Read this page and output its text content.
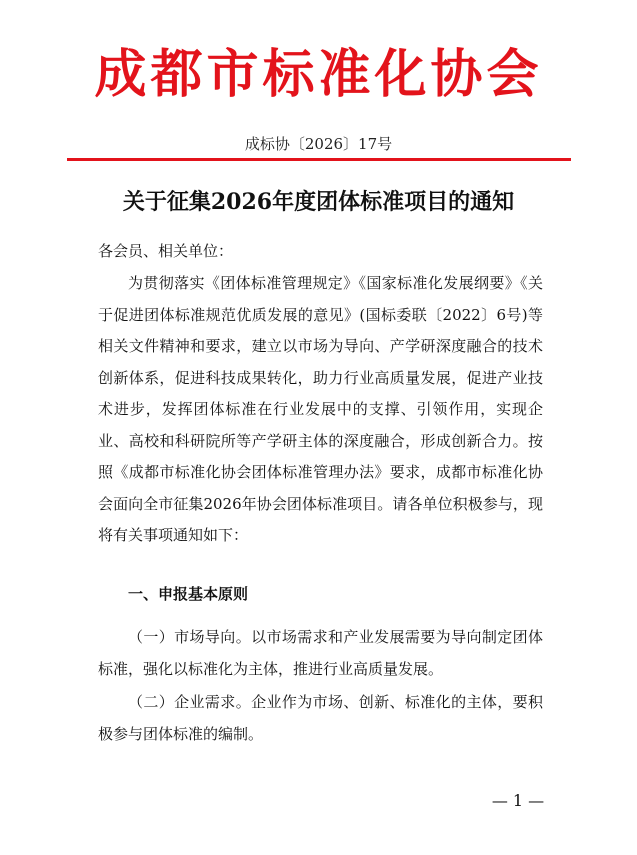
成都市标准化协会
成标协〔2026〕17号
关于征集2026年度团体标准项目的通知
各会员、相关单位：

为贯彻落实《团体标准管理规定》《国家标准化发展纲要》《关于促进团体标准规范优质发展的意见》(国标委联〔2022〕6号)等相关文件精神和要求，建立以市场为导向、产学研深度融合的技术创新体系，促进科技成果转化，助力行业高质量发展，促进产业技术进步，发挥团体标准在行业发展中的支撑、引领作用，实现企业、高校和科研院所等产学研主体的深度融合，形成创新合力。按照《成都市标准化协会团体标准管理办法》要求，成都市标准化协会面向全市征集2026年协会团体标准项目。请各单位积极参与，现将有关事项通知如下：

一、申报基本原则

（一）市场导向。以市场需求和产业发展需要为导向制定团体标准，强化以标准化为主体，推进行业高质量发展。

（二）企业需求。企业作为市场、创新、标准化的主体，要积极参与团体标准的编制。

— 1 —
